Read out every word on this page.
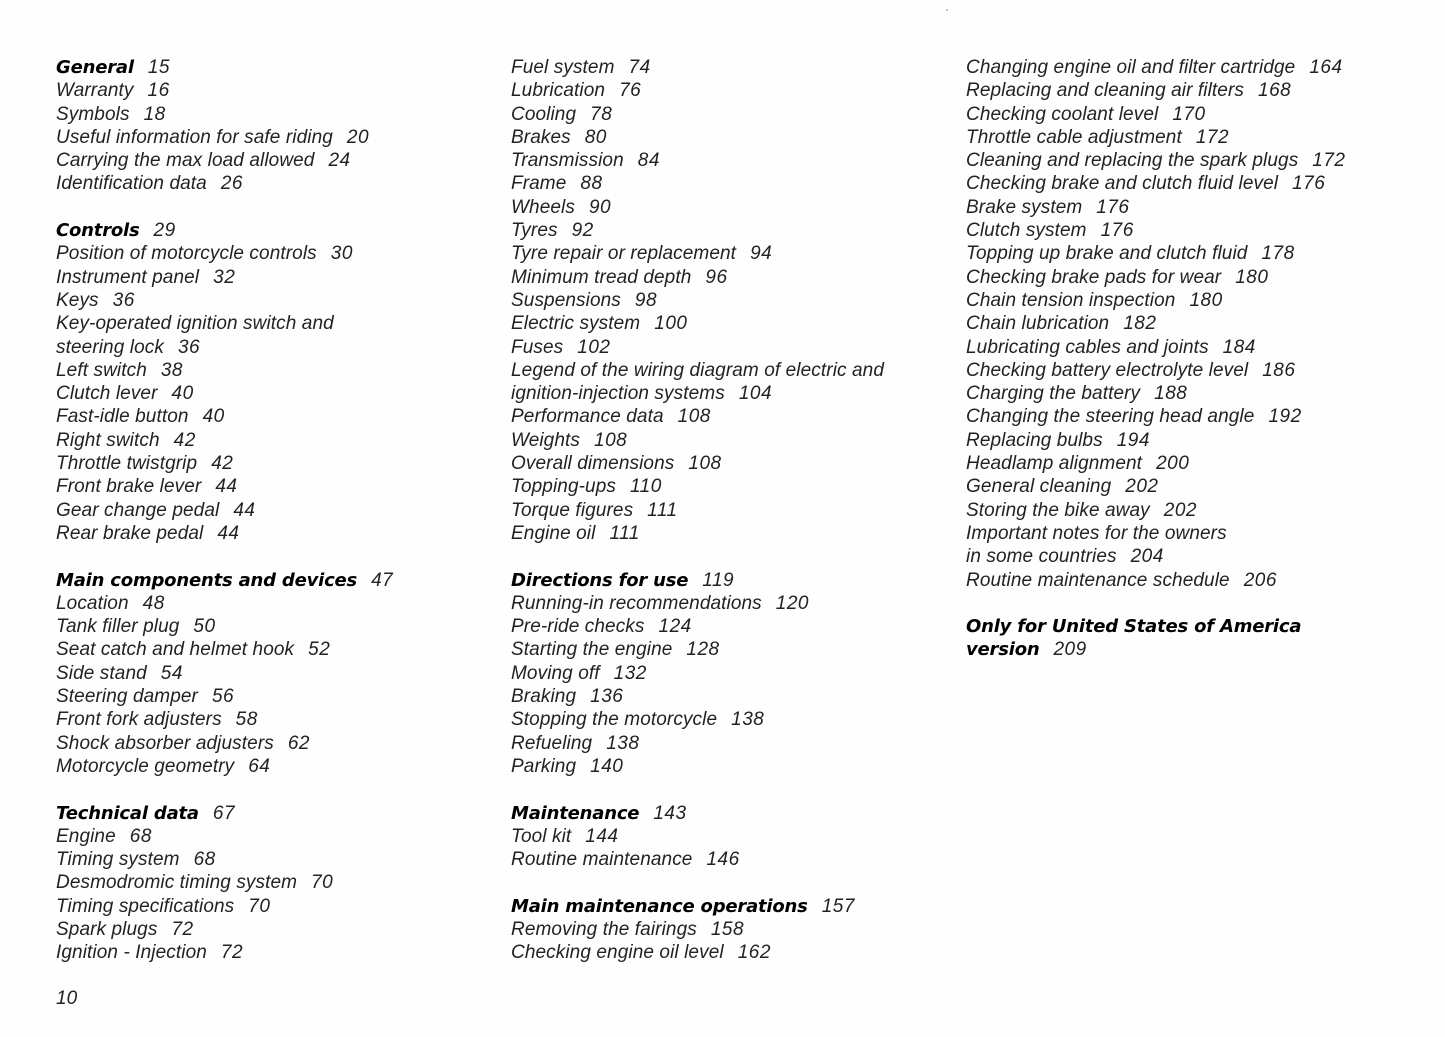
General 15
Warranty 16
Symbols 18
Useful information for safe riding 20
Carrying the max load allowed 24
Identification data 26
Controls 29
Position of motorcycle controls 30
Instrument panel 32
Keys 36
Key-operated ignition switch and
steering lock 36
Left switch 38
Clutch lever 40
Fast-idle button 40
Right switch 42
Throttle twistgrip 42
Front brake lever 44
Gear change pedal 44
Rear brake pedal 44
Main components and devices 47
Location 48
Tank filler plug 50
Seat catch and helmet hook 52
Side stand 54
Steering damper 56
Front fork adjusters 58
Shock absorber adjusters 62
Motorcycle geometry 64
Technical data 67
Engine 68
Timing system 68
Desmodromic timing system 70
Timing specifications 70
Spark plugs 72
Ignition - Injection 72
Fuel system 74
Lubrication 76
Cooling 78
Brakes 80
Transmission 84
Frame 88
Wheels 90
Tyres 92
Tyre repair or replacement 94
Minimum tread depth 96
Suspensions 98
Electric system 100
Fuses 102
Legend of the wiring diagram of electric and
ignition-injection systems 104
Performance data 108
Weights 108
Overall dimensions 108
Topping-ups 110
Torque figures 111
Engine oil 111
Directions for use 119
Running-in recommendations 120
Pre-ride checks 124
Starting the engine 128
Moving off 132
Braking 136
Stopping the motorcycle 138
Refueling 138
Parking 140
Maintenance 143
Tool kit 144
Routine maintenance 146
Main maintenance operations 157
Removing the fairings 158
Checking engine oil level 162
Changing engine oil and filter cartridge 164
Replacing and cleaning air filters 168
Checking coolant level 170
Throttle cable adjustment 172
Cleaning and replacing the spark plugs 172
Checking brake and clutch fluid level 176
Brake system 176
Clutch system 176
Topping up brake and clutch fluid 178
Checking brake pads for wear 180
Chain tension inspection 180
Chain lubrication 182
Lubricating cables and joints 184
Checking battery electrolyte level 186
Charging the battery 188
Changing the steering head angle 192
Replacing bulbs 194
Headlamp alignment 200
General cleaning 202
Storing the bike away 202
Important notes for the owners
in some countries 204
Routine maintenance schedule 206
Only for United States of America
version 209
10
